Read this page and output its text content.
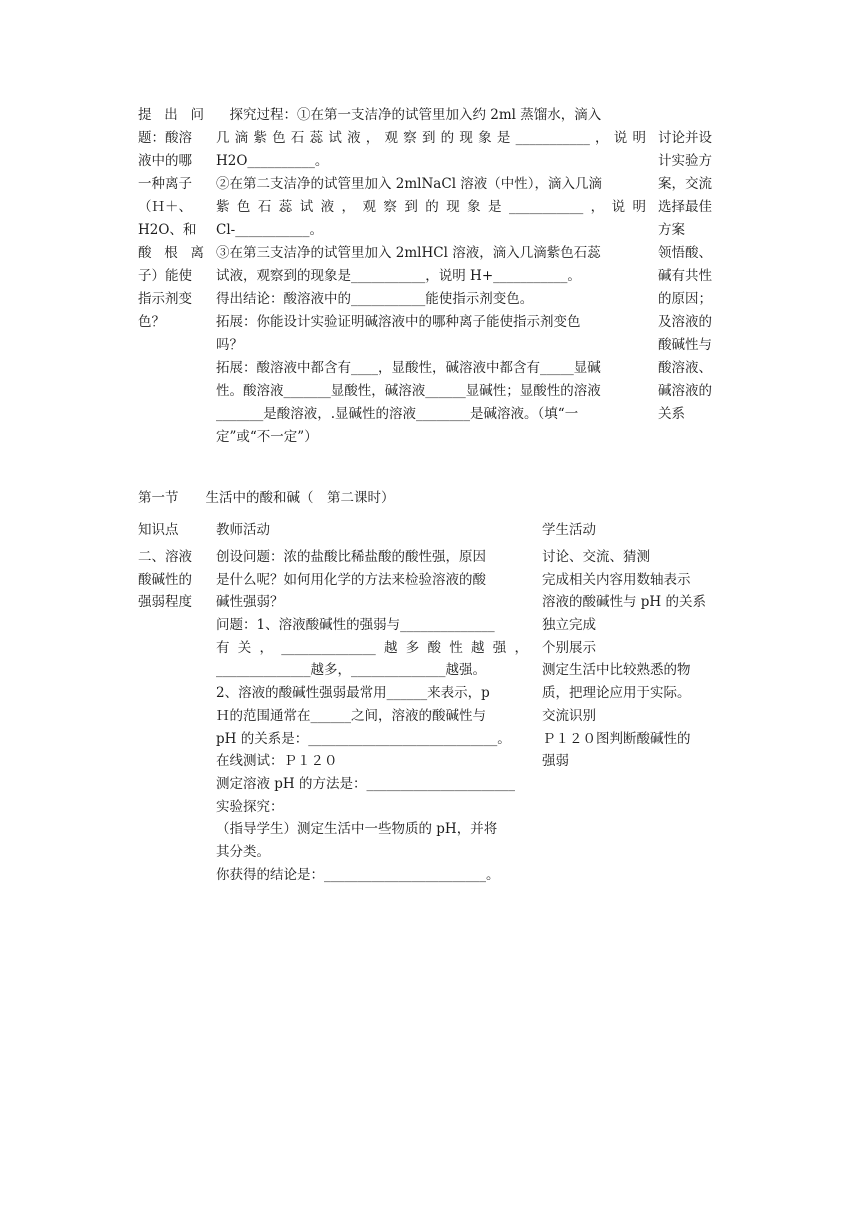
提 出 问
题：酸溶
液中的哪
一种离子
（Ｈ＋、
H2O、和
酸 根 离
子）能使
指示剂变
色？
　探究过程：①在第一支洁净的试管里加入约 2ml 蒸馏水，滴入
几滴紫色石蕊试液，观察到的现象是___________，说明
H2O__________。
②在第二支洁净的试管里加入 2mlNaCl 溶液（中性），滴入几滴
紫色石蕊试液，观察到的现象是___________，说明
Cl-___________。
③在第三支洁净的试管里加入 2mlHCl 溶液，滴入几滴紫色石蕊
试液，观察到的现象是___________，说明 H+___________。
得出结论：酸溶液中的___________能使指示剂变色。
拓展：你能设计实验证明碱溶液中的哪种离子能使指示剂变色
吗？
拓展：酸溶液中都含有____，显酸性，碱溶液中都含有_____显碱
性。酸溶液_______显酸性，碱溶液______显碱性；显酸性的溶液
_______是酸溶液，.显碱性的溶液________是碱溶液。（填“一
定”或“不一定”）
讨论并设
计实验方
案，交流
选择最佳
方案
领悟酸、
碱有共性
的原因；
及溶液的
酸碱性与
酸溶液、
碱溶液的
关系
第一节　　生活中的酸和碱（　第二课时）
知识点	教师活动	学生活动
二、溶液
酸碱性的
强弱程度
创设问题：浓的盐酸比稀盐酸的酸性强，原因
是什么呢？如何用化学的方法来检验溶液的酸
碱性强弱？
问题：1、溶液酸碱性的强弱与______________
有关，______________越多酸性越强，
______________越多，______________越强。
2、溶液的酸碱性强弱最常用______来表示，p
Ｈ的范围通常在______之间，溶液的酸碱性与
pH 的关系是：____________________________。
在线测试：Ｐ１２０
测定溶液 pH 的方法是：______________________
实验探究：
（指导学生）测定生活中一些物质的 pH，并将
其分类。
你获得的结论是：________________________。
讨论、交流、猜测
完成相关内容用数轴表示
溶液的酸碱性与 pH 的关系
独立完成
个别展示
测定生活中比较熟悉的物
质，把理论应用于实际。
交流识别
Ｐ１２０图判断酸碱性的
强弱
